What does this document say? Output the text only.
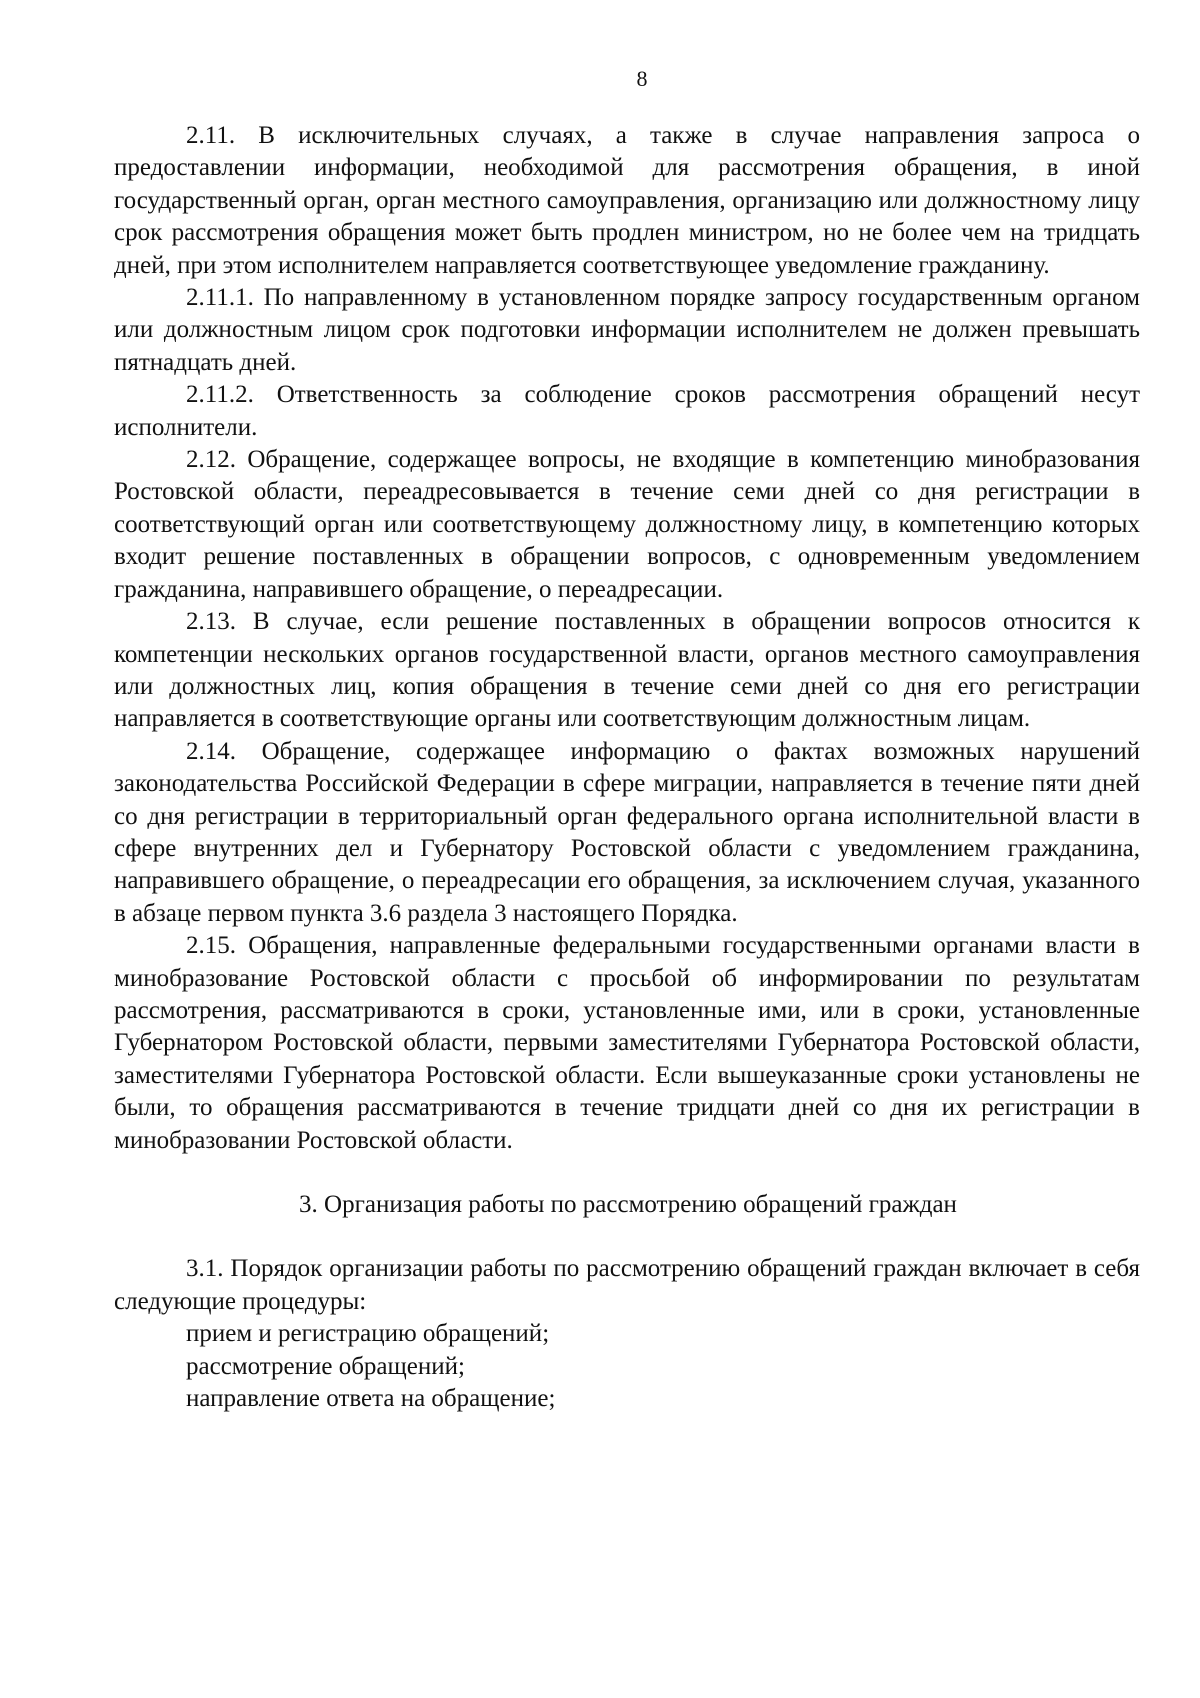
8

2.11. В исключительных случаях, а также в случае направления запроса о предоставлении информации, необходимой для рассмотрения обращения, в иной государственный орган, орган местного самоуправления, организацию или должностному лицу срок рассмотрения обращения может быть продлен министром, но не более чем на тридцать дней, при этом исполнителем направляется соответствующее уведомление гражданину.

2.11.1. По направленному в установленном порядке запросу государственным органом или должностным лицом срок подготовки информации исполнителем не должен превышать пятнадцать дней.

2.11.2. Ответственность за соблюдение сроков рассмотрения обращений несут исполнители.

2.12. Обращение, содержащее вопросы, не входящие в компетенцию минобразования Ростовской области, переадресовывается в течение семи дней со дня регистрации в соответствующий орган или соответствующему должностному лицу, в компетенцию которых входит решение поставленных в обращении вопросов, с одновременным уведомлением гражданина, направившего обращение, о переадресации.

2.13. В случае, если решение поставленных в обращении вопросов относится к компетенции нескольких органов государственной власти, органов местного самоуправления или должностных лиц, копия обращения в течение семи дней со дня его регистрации направляется в соответствующие органы или соответствующим должностным лицам.

2.14. Обращение, содержащее информацию о фактах возможных нарушений законодательства Российской Федерации в сфере миграции, направляется в течение пяти дней со дня регистрации в территориальный орган федерального органа исполнительной власти в сфере внутренних дел и Губернатору Ростовской области с уведомлением гражданина, направившего обращение, о переадресации его обращения, за исключением случая, указанного в абзаце первом пункта 3.6 раздела 3 настоящего Порядка.

2.15. Обращения, направленные федеральными государственными органами власти в минобразование Ростовской области с просьбой об информировании по результатам рассмотрения, рассматриваются в сроки, установленные ими, или в сроки, установленные Губернатором Ростовской области, первыми заместителями Губернатора Ростовской области, заместителями Губернатора Ростовской области. Если вышеуказанные сроки установлены не были, то обращения рассматриваются в течение тридцати дней со дня их регистрации в минобразовании Ростовской области.

3. Организация работы по рассмотрению обращений граждан

3.1. Порядок организации работы по рассмотрению обращений граждан включает в себя следующие процедуры:

прием и регистрацию обращений;

рассмотрение обращений;

направление ответа на обращение;
